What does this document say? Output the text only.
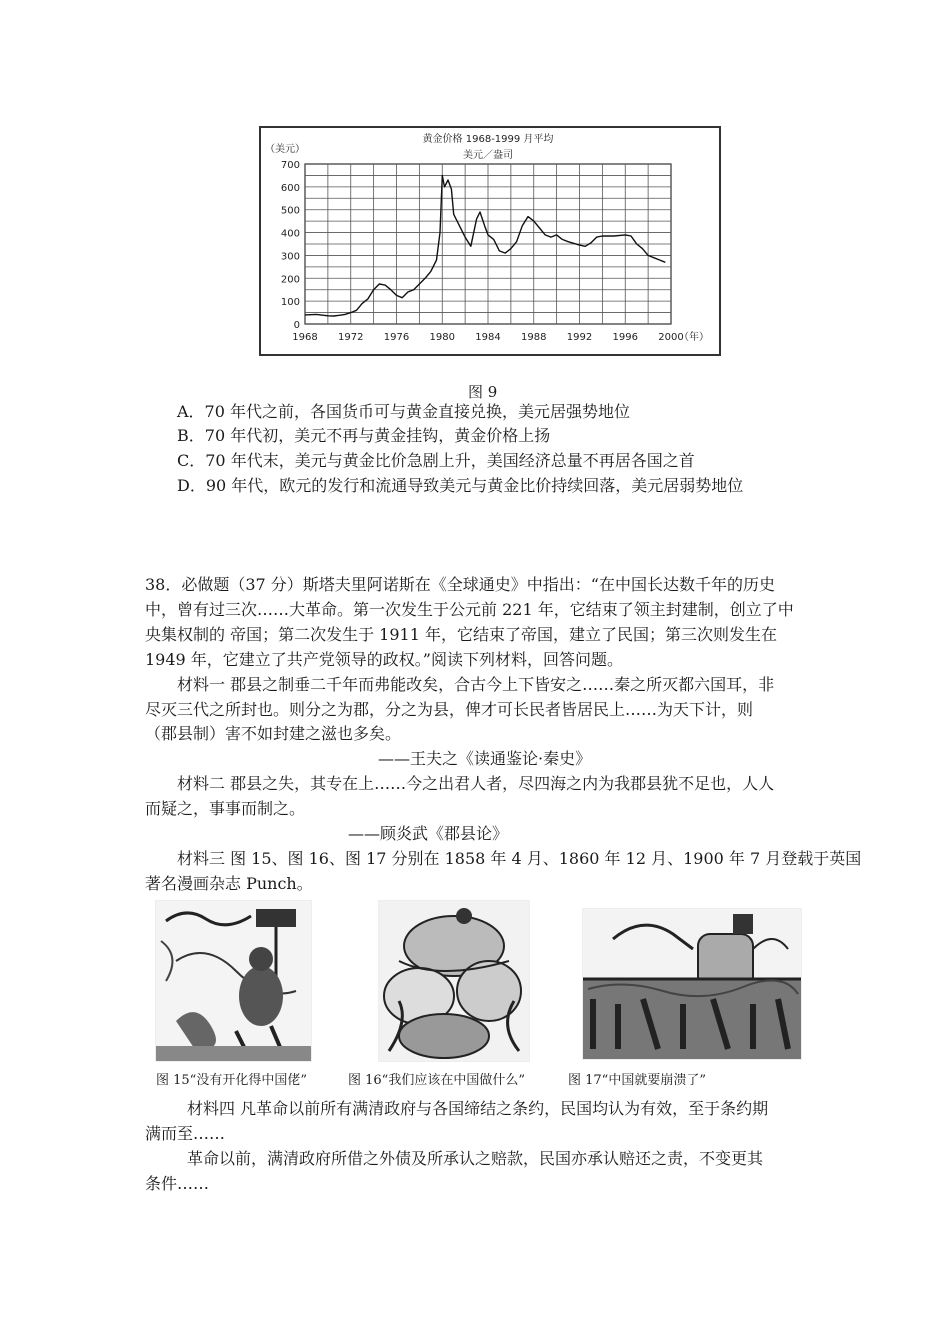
0
100
200
300
400
500
600
700
1968 1972 1976 1980 1984 1988 1992 1996 2000
黄金价格 1968-1999 月平均
美元／盎司
（美元）
（年）
图 9
A．70 年代之前，各国货币可与黄金直接兑换，美元居强势地位
B．70 年代初，美元不再与黄金挂钩，黄金价格上扬
C．70 年代末，美元与黄金比价急剧上升，美国经济总量不再居各国之首
D．90 年代，欧元的发行和流通导致美元与黄金比价持续回落，美元居弱势地位
38．必做题（37 分）斯塔夫里阿诺斯在《全球通史》中指出：“在中国长达数千年的历史
中，曾有过三次……大革命。第一次发生于公元前 221 年，它结束了领主封建制，创立了中
央集权制的 帝国；第二次发生于 1911 年，它结束了帝国，建立了民国；第三次则发生在
1949 年，它建立了共产党领导的政权。”阅读下列材料，回答问题。
材料一 郡县之制垂二千年而弗能改矣，合古今上下皆安之……秦之所灭都六国耳，非
尽灭三代之所封也。则分之为郡，分之为县，俾才可长民者皆居民上……为天下计，则
（郡县制）害不如封建之滋也多矣。
——王夫之《读通鉴论·秦史》
材料二 郡县之失，其专在上……今之出君人者，尽四海之内为我郡县犹不足也，人人
而疑之，事事而制之。
——顾炎武《郡县论》
材料三 图 15、图 16、图 17 分别在 1858 年 4 月、1860 年 12 月、1900 年 7 月登载于英国
著名漫画杂志 Punch。
图 15“没有开化得中国佬”	图 16“我们应该在中国做什么”	图 17“中国就要崩溃了”
材料四 凡革命以前所有满清政府与各国缔结之条约，民国均认为有效，至于条约期
满而至……
革命以前，满清政府所借之外债及所承认之赔款，民国亦承认赔还之责，不变更其
条件……
